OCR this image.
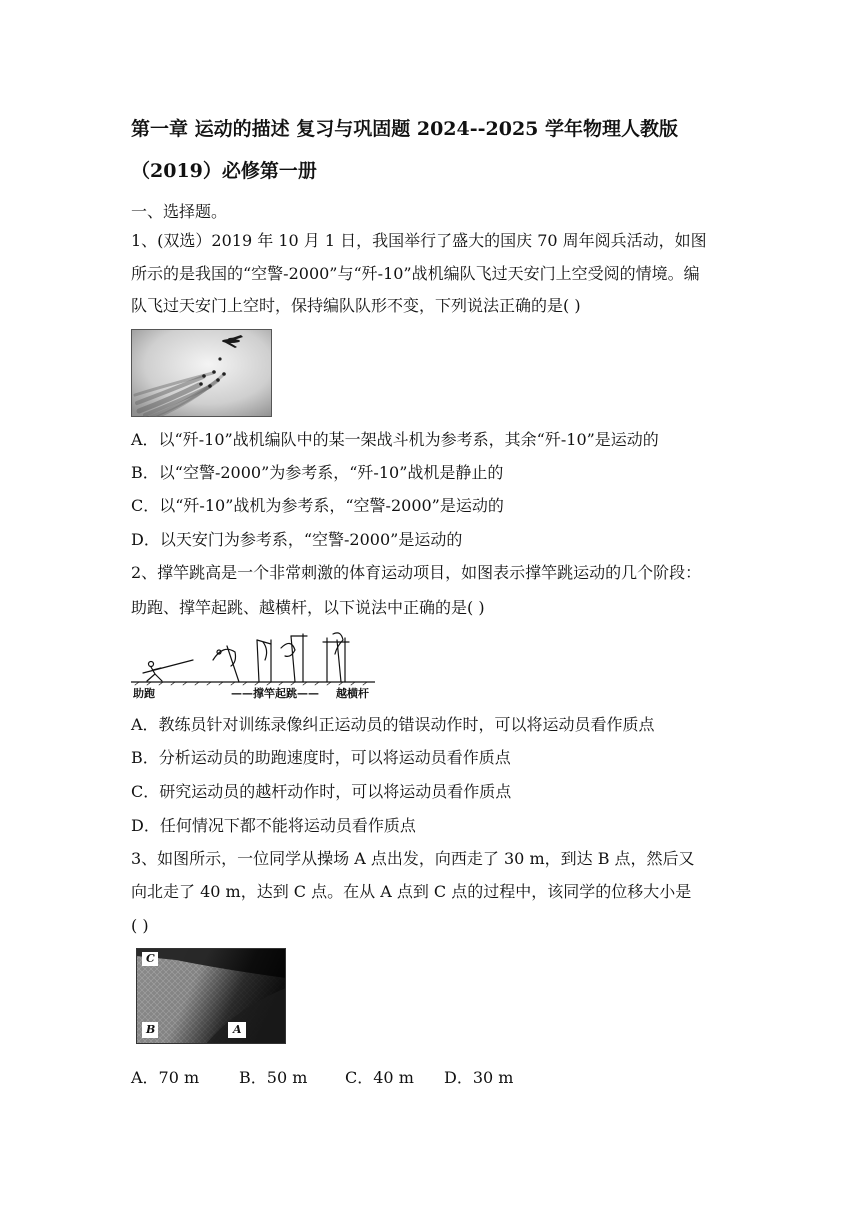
第一章 运动的描述 复习与巩固题 2024--2025 学年物理人教版
（2019）必修第一册
一、选择题。
1、(双选）2019 年 10 月 1 日，我国举行了盛大的国庆 70 周年阅兵活动，如图
所示的是我国的“空警-2000”与“歼-10”战机编队飞过天安门上空受阅的情境。编
队飞过天安门上空时，保持编队队形不变，下列说法正确的是( )
A．以“歼-10”战机编队中的某一架战斗机为参考系，其余“歼-10”是运动的
B．以“空警-2000”为参考系，“歼-10”战机是静止的
C．以“歼-10”战机为参考系，“空警-2000”是运动的
D．以天安门为参考系，“空警-2000”是运动的
2、撑竿跳高是一个非常刺激的体育运动项目，如图表示撑竿跳运动的几个阶段：
助跑、撑竿起跳、越横杆，以下说法中正确的是( )
助跑	——撑竿起跳—— 越横杆
A．教练员针对训练录像纠正运动员的错误动作时，可以将运动员看作质点
B．分析运动员的助跑速度时，可以将运动员看作质点
C．研究运动员的越杆动作时，可以将运动员看作质点
D．任何情况下都不能将运动员看作质点
3、如图所示，一位同学从操场 A 点出发，向西走了 30 m，到达 B 点，然后又
向北走了 40 m，达到 C 点。在从 A 点到 C 点的过程中，该同学的位移大小是
( )
C
B	A
A．70 m B．50 m C．40 m D．30 m
